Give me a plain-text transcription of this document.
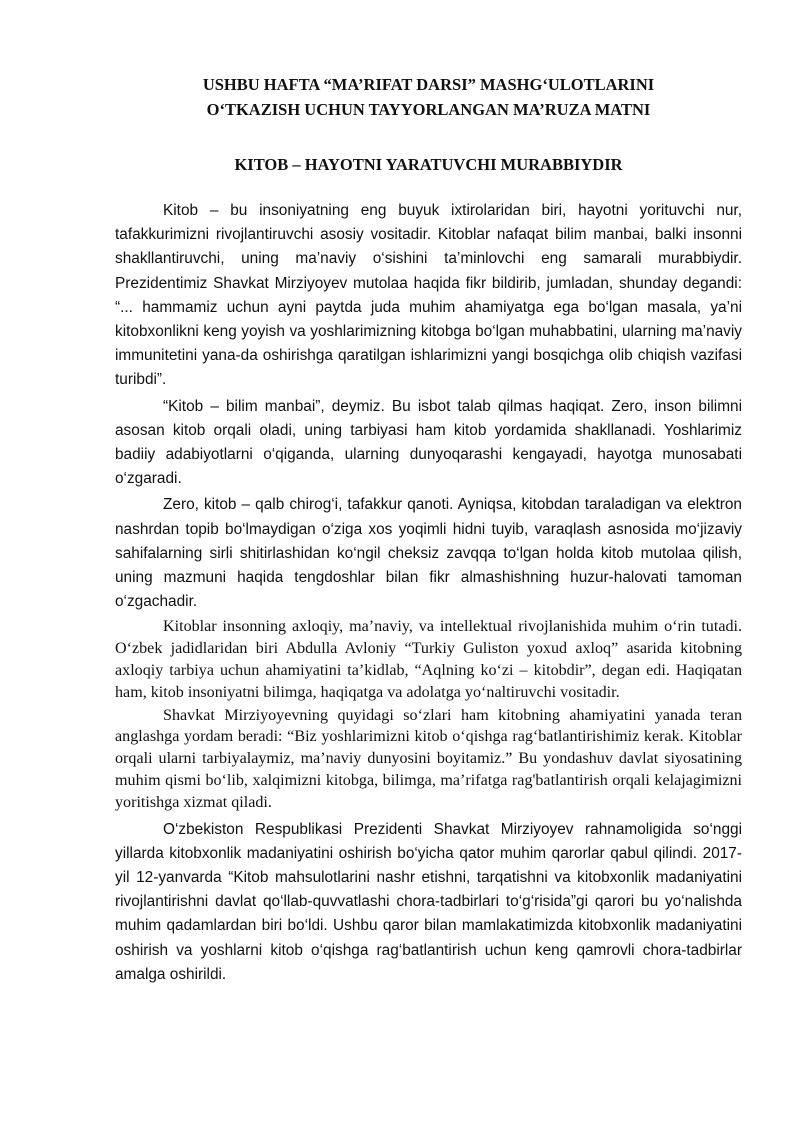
USHBU HAFTA “MA’RIFAT DARSI” MASHG‘ULOTLARINI

O‘TKAZISH UCHUN TAYYORLANGAN MA’RUZA MATNI

KITOB – HAYOTNI YARATUVCHI MURABBIYDIR

Kitob – bu insoniyatning eng buyuk ixtirolaridan biri, hayotni yorituvchi nur, tafakkurimizni rivojlantiruvchi asosiy vositadir. Kitoblar nafaqat bilim manbai, balki insonni shakllantiruvchi, uning ma’naviy o‘sishini ta’minlovchi eng samarali murabbiydir. Prezidentimiz Shavkat Mirziyoyev mutolaa haqida fikr bildirib, jumladan, shunday degandi: “... hammamiz uchun ayni paytda juda muhim ahamiyatga ega bo‘lgan masala, ya’ni kitobxonlikni keng yoyish va yoshlarimizning kitobga bo‘lgan muhabbatini, ularning ma’naviy immunitetini yana-da oshirishga qaratilgan ishlarimizni yangi bosqichga olib chiqish vazifasi turibdi”.

“Kitob – bilim manbai”, deymiz. Bu isbot talab qilmas haqiqat. Zero, inson bilimni asosan kitob orqali oladi, uning tarbiyasi ham kitob yordamida shakllanadi. Yoshlarimiz badiiy adabiyotlarni o‘qiganda, ularning dunyoqarashi kengayadi, hayotga munosabati o‘zgaradi.

Zero, kitob – qalb chirog‘i, tafakkur qanoti. Ayniqsa, kitobdan taraladigan va elektron nashrdan topib bo‘lmaydigan o‘ziga xos yoqimli hidni tuyib, varaqlash asnosida mo‘jizaviy sahifalarning sirli shitirlashidan ko‘ngil cheksiz zavqqa to‘lgan holda kitob mutolaa qilish, uning mazmuni haqida tengdoshlar bilan fikr almashishning huzur-halovati tamoman o‘zgachadir.

Kitoblar insonning axloqiy, ma’naviy, va intellektual rivojlanishida muhim o‘rin tutadi. O‘zbek jadidlaridan biri Abdulla Avloniy “Turkiy Guliston yoxud axloq” asarida kitobning axloqiy tarbiya uchun ahamiyatini ta’kidlab, “Aqlning ko‘zi – kitobdir”, degan edi. Haqiqatan ham, kitob insoniyatni bilimga, haqiqatga va adolatga yo‘naltiruvchi vositadir.

Shavkat Mirziyoyevning quyidagi so‘zlari ham kitobning ahamiyatini yanada teran anglashga yordam beradi: “Biz yoshlarimizni kitob o‘qishga rag‘batlantirishimiz kerak. Kitoblar orqali ularni tarbiyalaymiz, ma’naviy dunyosini boyitamiz.” Bu yondashuv davlat siyosatining muhim qismi bo‘lib, xalqimizni kitobga, bilimga, ma’rifatga rag'batlantirish orqali kelajagimizni yoritishga xizmat qiladi.

O‘zbekiston Respublikasi Prezidenti Shavkat Mirziyoyev rahnamoligida so‘nggi yillarda kitobxonlik madaniyatini oshirish bo‘yicha qator muhim qarorlar qabul qilindi. 2017-yil 12-yanvarda “Kitob mahsulotlarini nashr etishni, tarqatishni va kitobxonlik madaniyatini rivojlantirishni davlat qo‘llab-quvvatlashi chora-tadbirlari to‘g‘risida”gi qarori bu yo‘nalishda muhim qadamlardan biri bo‘ldi. Ushbu qaror bilan mamlakatimizda kitobxonlik madaniyatini oshirish va yoshlarni kitob o‘qishga rag‘batlantirish uchun keng qamrovli chora-tadbirlar amalga oshirildi.
